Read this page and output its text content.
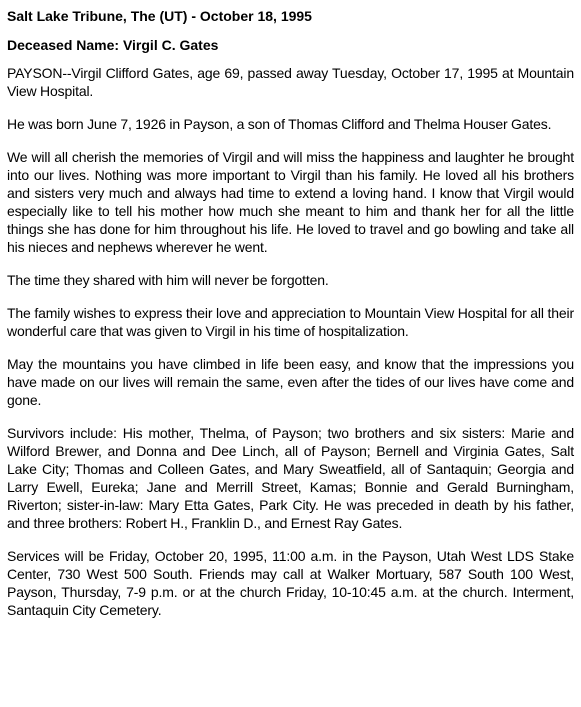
Salt Lake Tribune, The (UT) - October 18, 1995
Deceased Name: Virgil C. Gates

PAYSON--Virgil Clifford Gates, age 69, passed away Tuesday, October 17, 1995 at Mountain View Hospital.

He was born June 7, 1926 in Payson, a son of Thomas Clifford and Thelma Houser Gates.

We will all cherish the memories of Virgil and will miss the happiness and laughter he brought into our lives. Nothing was more important to Virgil than his family. He loved all his brothers and sisters very much and always had time to extend a loving hand. I know that Virgil would especially like to tell his mother how much she meant to him and thank her for all the little things she has done for him throughout his life. He loved to travel and go bowling and take all his nieces and nephews wherever he went.

The time they shared with him will never be forgotten.

The family wishes to express their love and appreciation to Mountain View Hospital for all their wonderful care that was given to Virgil in his time of hospitalization.

May the mountains you have climbed in life been easy, and know that the impressions you have made on our lives will remain the same, even after the tides of our lives have come and gone.

Survivors include: His mother, Thelma, of Payson; two brothers and six sisters: Marie and Wilford Brewer, and Donna and Dee Linch, all of Payson; Bernell and Virginia Gates, Salt Lake City; Thomas and Colleen Gates, and Mary Sweatfield, all of Santaquin; Georgia and Larry Ewell, Eureka; Jane and Merrill Street, Kamas; Bonnie and Gerald Burningham, Riverton; sister-in-law: Mary Etta Gates, Park City. He was preceded in death by his father, and three brothers: Robert H., Franklin D., and Ernest Ray Gates.

Services will be Friday, October 20, 1995, 11:00 a.m. in the Payson, Utah West LDS Stake Center, 730 West 500 South. Friends may call at Walker Mortuary, 587 South 100 West, Payson, Thursday, 7-9 p.m. or at the church Friday, 10-10:45 a.m. at the church. Interment, Santaquin City Cemetery.
